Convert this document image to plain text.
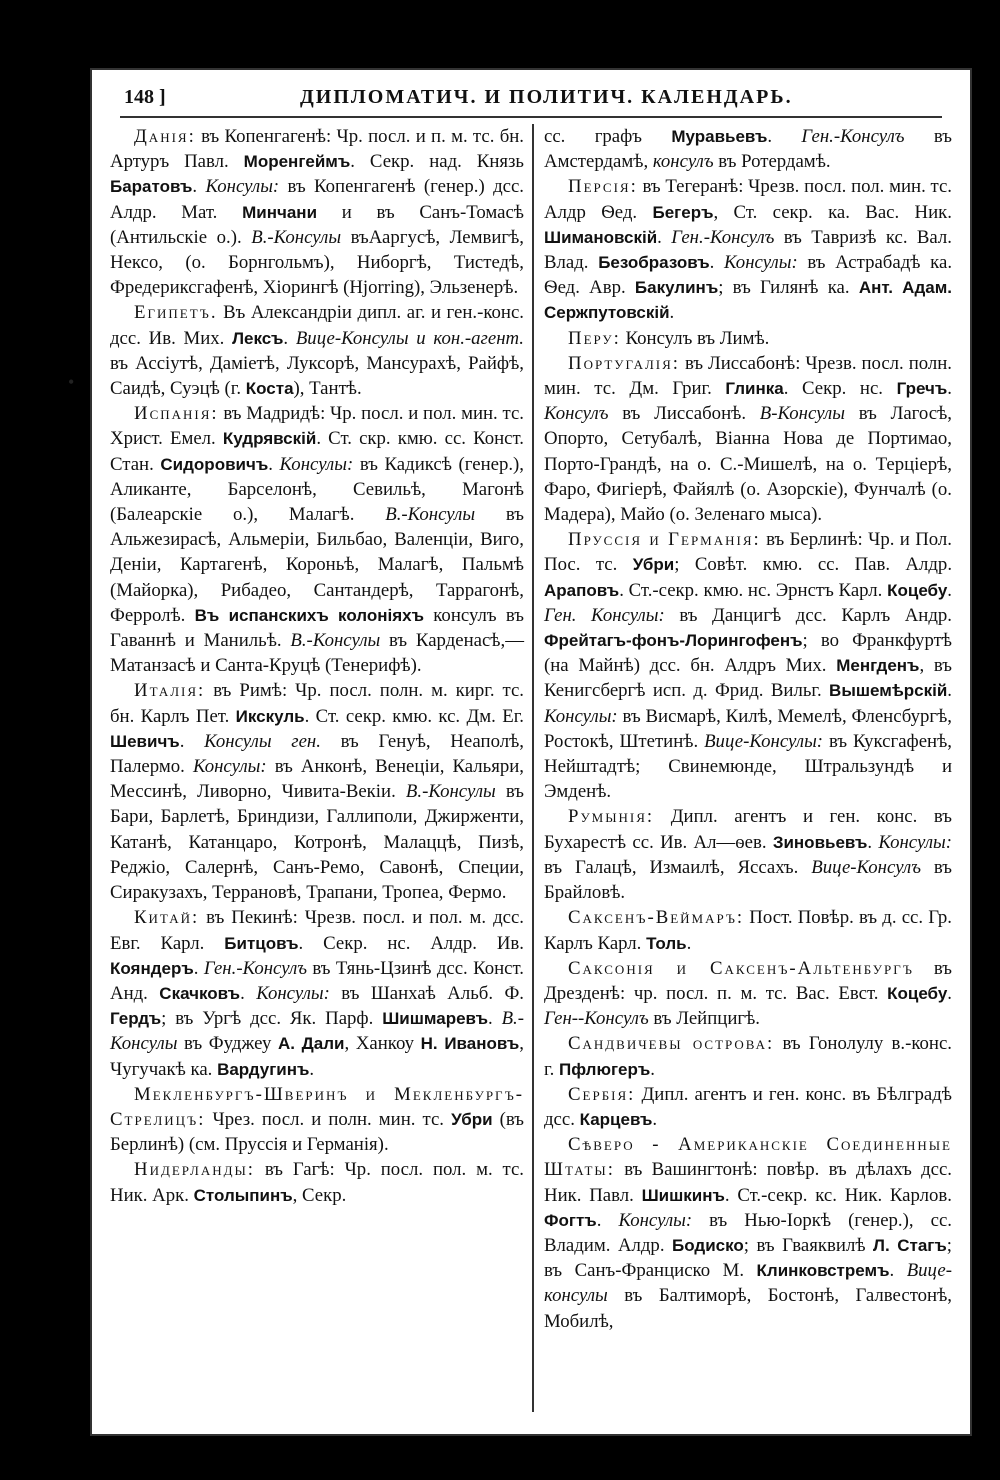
148 ]	ДИПЛОМАТИЧ. И ПОЛИТИЧ. КАЛЕНДАРЬ.

Данія: въ Копенгагенѣ: Чр. посл. и п. м. тс. бн. Артуръ Павл. Моренгеймъ. Секр. над. Князь Баратовъ. Консулы: въ Копенгагенѣ (генер.) дсс. Алдр. Мат. Минчани и въ Санъ-Томасѣ (Антильскіе о.). В.-Консулы въАаргусѣ, Лемвигѣ, Нексо, (о. Борнгольмъ), Ниборгѣ, Тистедѣ, Фредериксгафенѣ, Хіорингѣ (Hjorring), Эльзенерѣ.

Египетъ. Въ Александріи дипл. аг. и ген.-конс. дсс. Ив. Мих. Лексъ. Вице-Консулы и кон.-агент. въ Ассіутѣ, Даміетѣ, Луксорѣ, Мансурахѣ, Райфѣ, Саидѣ, Суэцѣ (г. Коста), Тантѣ.

Испанія: въ Мадридѣ: Чр. посл. и пол. мин. тс. Христ. Емел. Кудрявскій. Ст. скр. кмю. сс. Конст. Стан. Сидоровичъ. Консулы: въ Кадиксѣ (генер.), Аликанте, Барселонѣ, Севильѣ, Магонѣ (Балеарскіе о.), Малагѣ. В.-Консулы въ Альжезирасѣ, Альмеріи, Бильбао, Валенціи, Виго, Деніи, Картагенѣ, Короньѣ, Малагѣ, Пальмѣ (Майорка), Рибадео, Сантандерѣ, Таррагонѣ, Ферролѣ. Въ испанскихъ колоніяхъ консулъ въ Гаваннѣ и Манильѣ. В.-Консулы въ Карденасѣ,—Матанзасѣ и Санта-Круцѣ (Тенерифѣ).

Италія: въ Римѣ: Чр. посл. полн. м. кирг. тс. бн. Карлъ Пет. Икскуль. Ст. секр. кмю. кс. Дм. Ег. Шевичъ. Консулы ген. въ Генуѣ, Неаполѣ, Палермо. Консулы: въ Анконѣ, Венеціи, Кальяри, Мессинѣ, Ливорно, Чивита-Векіи. В.-Консулы въ Бари, Барлетѣ, Бриндизи, Галлиполи, Джирженти, Катанѣ, Катанцаро, Котронѣ, Малаццѣ, Пизѣ, Реджіо, Салернѣ, Санъ-Ремо, Савонѣ, Специи, Сиракузахъ, Террановѣ, Трапани, Тропеа, Фермо.

Китай: въ Пекинѣ: Чрезв. посл. и пол. м. дсс. Евг. Карл. Битцовъ. Секр. нс. Алдр. Ив. Кояндеръ. Ген.-Консулъ въ Тянь-Цзинѣ дсс. Конст. Анд. Скачковъ. Консулы: въ Шанхаѣ Альб. Ф. Гердъ; въ Ургѣ дсс. Як. Парф. Шишмаревъ. В.-Консулы въ Фуджеу А. Дали, Ханкоу Н. Ивановъ, Чугучакѣ ка. Вардугинъ.

Мекленбургъ-Шверинъ и Мекленбургъ-Стрелицъ: Чрез. посл. и полн. мин. тс. Убри (въ Берлинѣ) (см. Пруссія и Германія).

Нидерланды: въ Гагѣ: Чр. посл. пол. м. тс. Ник. Арк. Столыпинъ, Секр.

сс. графъ Муравьевъ. Ген.-Консулъ въ Амстердамѣ, консулъ въ Ротердамѣ.

Персія: въ Тегеранѣ: Чрезв. посл. пол. мин. тс. Алдр Ѳед. Бегеръ, Ст. секр. ка. Вас. Ник. Шимановскій. Ген.-Консулъ въ Тавризѣ кс. Вал. Влад. Безобразовъ. Консулы: въ Астрабадѣ ка. Ѳед. Авр. Бакулинъ; въ Гилянѣ ка. Ант. Адам. Сержпутовскій.

Перу: Консулъ въ Лимѣ.

Португалія: въ Лиссабонѣ: Чрезв. посл. полн. мин. тс. Дм. Григ. Глинка. Секр. нс. Гречъ. Консулъ въ Лиссабонѣ. В-Консулы въ Лагосѣ, Опорто, Сетубалѣ, Віанна Нова де Портимао, Порто-Грандѣ, на о. С.-Мишелѣ, на о. Терціерѣ, Фаро, Фигіерѣ, Файялѣ (о. Азорскіе), Фунчалѣ (о. Мадера), Майо (о. Зеленаго мыса).

Пруссія и Германія: въ Берлинѣ: Чр. и Пол. Пос. тс. Убри; Совѣт. кмю. сс. Пав. Алдр. Араповъ. Ст.-секр. кмю. нс. Эрнстъ Карл. Коцебу. Ген. Консулы: въ Данцигѣ дсс. Карлъ Андр. Фрейтагъ-фонъ-Лорингофенъ; во Франкфуртѣ (на Майнѣ) дсс. бн. Алдръ Мих. Менгденъ, въ Кенигсбергѣ исп. д. Фрид. Вильг. Вышемѣрскій. Консулы: въ Висмарѣ, Килѣ, Мемелѣ, Фленсбургѣ, Ростокѣ, Штетинѣ. Вице-Консулы: въ Куксгафенѣ, Нейштадтѣ; Свинемюнде, Штральзундѣ и Эмденѣ.

Румынія: Дипл. агентъ и ген. конс. въ Бухарестѣ сс. Ив. Ал—ѳев. Зиновьевъ. Консулы: въ Галацѣ, Измаилѣ, Яссахъ. Вице-Консулъ въ Брайловѣ.

Саксенъ-Веймаръ: Пост. Повѣр. въ д. сс. Гр. Карлъ Карл. Толь.

Саксонія и Саксенъ-Альтенбургъ въ Дрезденѣ: чр. посл. п. м. тс. Вас. Евст. Коцебу. Ген--Консулъ въ Лейпцигѣ.

Сандвичевы острова: въ Гонолулу в.-конс. г. Пфлюгеръ.

Сербія: Дипл. агентъ и ген. конс. въ Бѣлградѣ дсс. Карцевъ.

Сѣверо - Американскіе Соединенные Штаты: въ Вашингтонѣ: повѣр. въ дѣлахъ дсс. Ник. Павл. Шишкинъ. Ст.-секр. кс. Ник. Карлов. Фогтъ. Консулы: въ Нью-Іоркѣ (генер.), сс. Владим. Алдр. Бодиско; въ Гваяквилѣ Л. Стагъ; въ Санъ-Франциско М. Клинковстремъ. Вице-консулы въ Балтиморѣ, Бостонѣ, Галвестонѣ, Мобилѣ,

•
